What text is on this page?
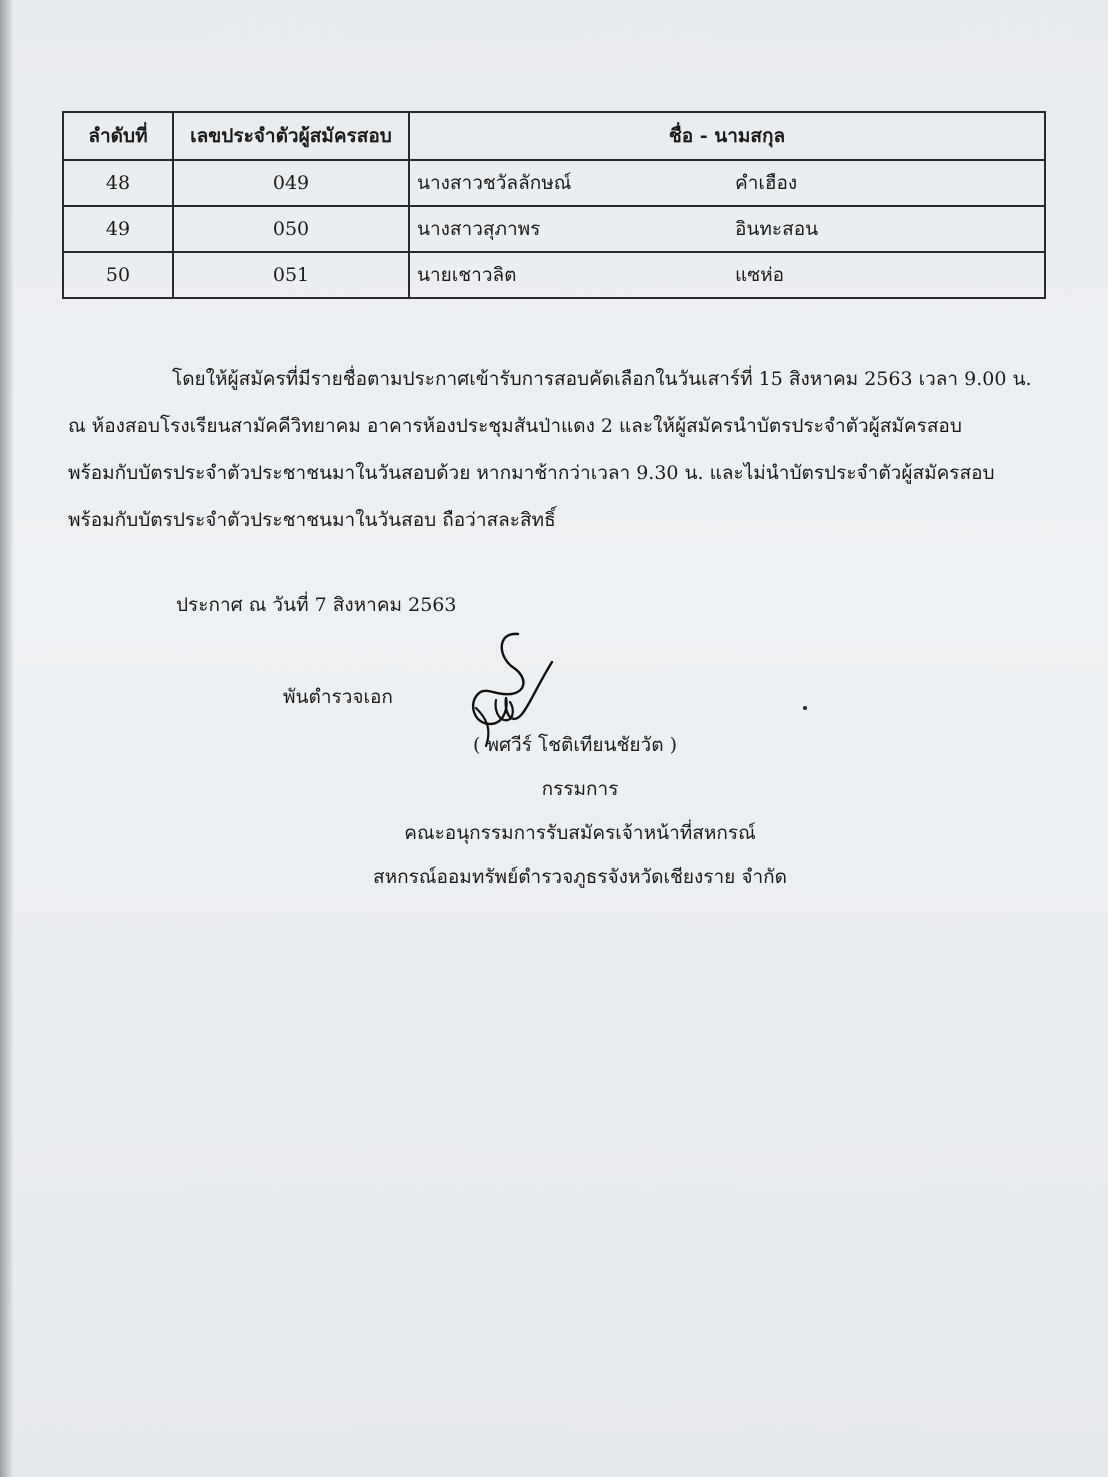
ลำดับที่	เลขประจำตัวผู้สมัครสอบ	ชื่อ - นามสกุล
48	049	นางสาวชวัลลักษณ์ คำเฮือง

49	050	นางสาวสุภาพร อินทะสอน

50	051	นายเชาวลิต แซห่อ
โดยให้ผู้สมัครที่มีรายชื่อตามประกาศเข้ารับการสอบคัดเลือกในวันเสาร์ที่ 15 สิงหาคม 2563 เวลา 9.00 น.
ณ ห้องสอบโรงเรียนสามัคคีวิทยาคม อาคารห้องประชุมสันป่าแดง 2 และให้ผู้สมัครนำบัตรประจำตัวผู้สมัครสอบ
พร้อมกับบัตรประจำตัวประชาชนมาในวันสอบด้วย หากมาช้ากว่าเวลา 9.30 น. และไม่นำบัตรประจำตัวผู้สมัครสอบ
พร้อมกับบัตรประจำตัวประชาชนมาในวันสอบ ถือว่าสละสิทธิ์
ประกาศ ณ วันที่ 7 สิงหาคม 2563
พันตำรวจเอก
( พศวีร์ โชติเทียนชัยวัต )
กรรมการ
คณะอนุกรรมการรับสมัครเจ้าหน้าที่สหกรณ์
สหกรณ์ออมทรัพย์ตำรวจภูธรจังหวัดเชียงราย จำกัด
